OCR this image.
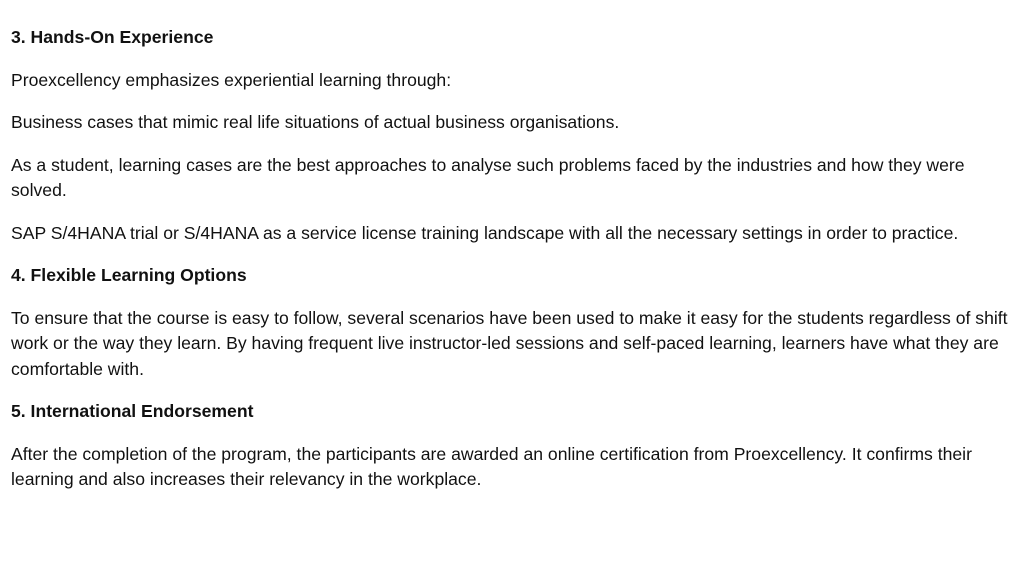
3. Hands-On Experience
Proexcellency emphasizes experiential learning through:
Business cases that mimic real life situations of actual business organisations.
As a student, learning cases are the best approaches to analyse such problems faced by the industries and how they were solved.
SAP S/4HANA trial or S/4HANA as a service license training landscape with all the necessary settings in order to practice.
4. Flexible Learning Options
To ensure that the course is easy to follow, several scenarios have been used to make it easy for the students regardless of shift work or the way they learn. By having frequent live instructor-led sessions and self-paced learning, learners have what they are comfortable with.
5. International Endorsement
After the completion of the program, the participants are awarded an online certification from Proexcellency. It confirms their learning and also increases their relevancy in the workplace.
